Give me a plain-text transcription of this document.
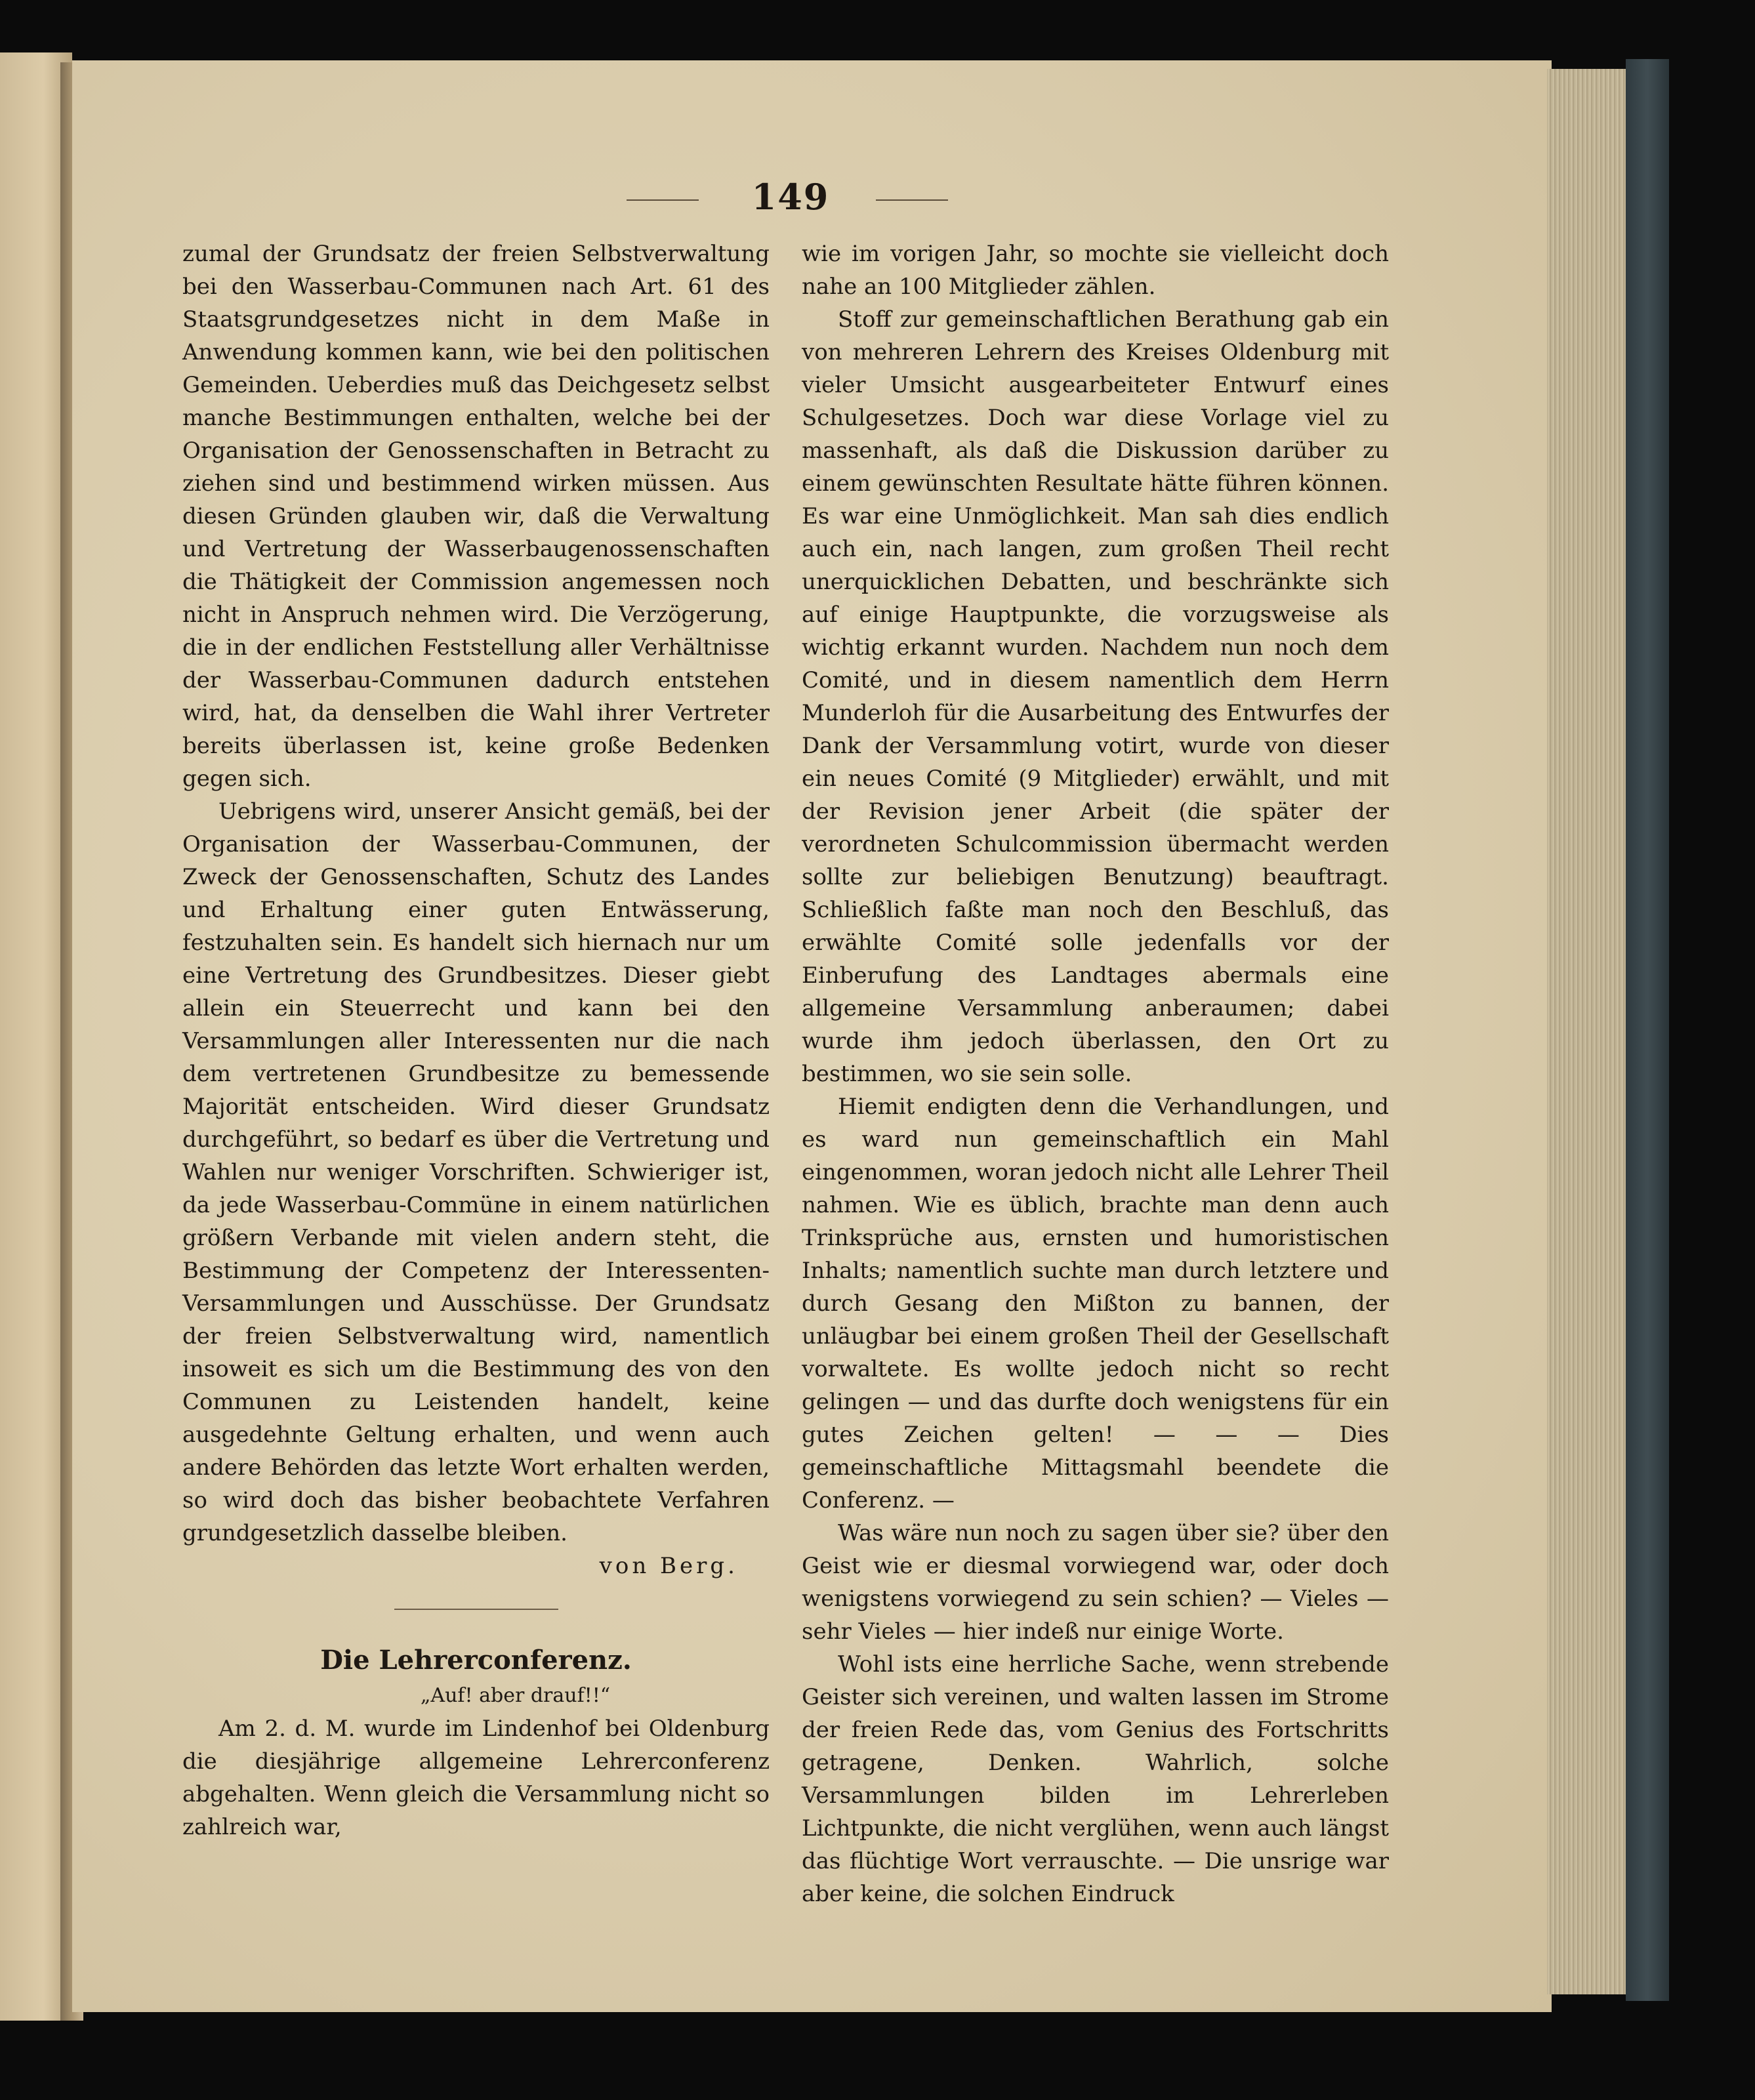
149

zumal der Grundsatz der freien Selbstverwaltung bei den Wasserbau-Communen nach Art. 61 des Staatsgrundgesetzes nicht in dem Maße in Anwendung kommen kann, wie bei den politischen Gemeinden. Ueberdies muß das Deichgesetz selbst manche Bestimmungen enthalten, welche bei der Organisation der Genossenschaften in Betracht zu ziehen sind und bestimmend wirken müssen. Aus diesen Gründen glauben wir, daß die Verwaltung und Vertretung der Wasserbaugenossenschaften die Thätigkeit der Commission angemessen noch nicht in Anspruch nehmen wird. Die Verzögerung, die in der endlichen Feststellung aller Verhältnisse der Wasserbau-Communen dadurch entstehen wird, hat, da denselben die Wahl ihrer Vertreter bereits überlassen ist, keine große Bedenken gegen sich.

Uebrigens wird, unserer Ansicht gemäß, bei der Organisation der Wasserbau-Communen, der Zweck der Genossenschaften, Schutz des Landes und Erhaltung einer guten Entwässerung, festzuhalten sein. Es handelt sich hiernach nur um eine Vertretung des Grundbesitzes. Dieser giebt allein ein Steuerrecht und kann bei den Versammlungen aller Interessenten nur die nach dem vertretenen Grundbesitze zu bemessende Majorität entscheiden. Wird dieser Grundsatz durchgeführt, so bedarf es über die Vertretung und Wahlen nur weniger Vorschriften. Schwieriger ist, da jede Wasserbau-Commüne in einem natürlichen größern Verbande mit vielen andern steht, die Bestimmung der Competenz der Interessenten-Versammlungen und Ausschüsse. Der Grundsatz der freien Selbstverwaltung wird, namentlich insoweit es sich um die Bestimmung des von den Communen zu Leistenden handelt, keine ausgedehnte Geltung erhalten, und wenn auch andere Behörden das letzte Wort erhalten werden, so wird doch das bisher beobachtete Verfahren grundgesetzlich dasselbe bleiben.

von Berg.

Die Lehrerconferenz.

„Auf! aber drauf!!“

Am 2. d. M. wurde im Lindenhof bei Oldenburg die diesjährige allgemeine Lehrerconferenz abgehalten. Wenn gleich die Versammlung nicht so zahlreich war,

wie im vorigen Jahr, so mochte sie vielleicht doch nahe an 100 Mitglieder zählen.

Stoff zur gemeinschaftlichen Berathung gab ein von mehreren Lehrern des Kreises Oldenburg mit vieler Umsicht ausgearbeiteter Entwurf eines Schulgesetzes. Doch war diese Vorlage viel zu massenhaft, als daß die Diskussion darüber zu einem gewünschten Resultate hätte führen können. Es war eine Unmöglichkeit. Man sah dies endlich auch ein, nach langen, zum großen Theil recht unerquicklichen Debatten, und beschränkte sich auf einige Hauptpunkte, die vorzugsweise als wichtig erkannt wurden. Nachdem nun noch dem Comité, und in diesem namentlich dem Herrn Munderloh für die Ausarbeitung des Entwurfes der Dank der Versammlung votirt, wurde von dieser ein neues Comité (9 Mitglieder) erwählt, und mit der Revision jener Arbeit (die später der verordneten Schulcommission übermacht werden sollte zur beliebigen Benutzung) beauftragt. Schließlich faßte man noch den Beschluß, das erwählte Comité solle jedenfalls vor der Einberufung des Landtages abermals eine allgemeine Versammlung anberaumen; dabei wurde ihm jedoch überlassen, den Ort zu bestimmen, wo sie sein solle.

Hiemit endigten denn die Verhandlungen, und es ward nun gemeinschaftlich ein Mahl eingenommen, woran jedoch nicht alle Lehrer Theil nahmen. Wie es üblich, brachte man denn auch Trinksprüche aus, ernsten und humoristischen Inhalts; namentlich suchte man durch letztere und durch Gesang den Mißton zu bannen, der unläugbar bei einem großen Theil der Gesellschaft vorwaltete. Es wollte jedoch nicht so recht gelingen — und das durfte doch wenigstens für ein gutes Zeichen gelten! — — — Dies gemeinschaftliche Mittagsmahl beendete die Conferenz. —

Was wäre nun noch zu sagen über sie? über den Geist wie er diesmal vorwiegend war, oder doch wenigstens vorwiegend zu sein schien? — Vieles — sehr Vieles — hier indeß nur einige Worte.

Wohl ists eine herrliche Sache, wenn strebende Geister sich vereinen, und walten lassen im Strome der freien Rede das, vom Genius des Fortschritts getragene, Denken. Wahrlich, solche Versammlungen bilden im Lehrerleben Lichtpunkte, die nicht verglühen, wenn auch längst das flüchtige Wort verrauschte. — Die unsrige war aber keine, die solchen Eindruck
